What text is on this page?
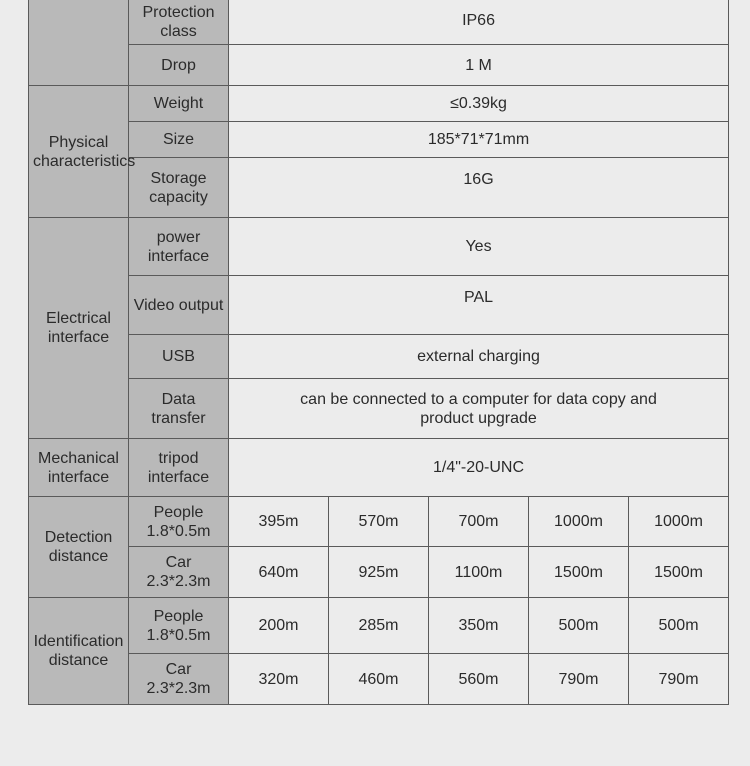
	Protection class	IP66				
	Drop	1 M				
Physical characteristics	Weight	≤0.39kg				
	Size	185*71*71mm				
	Storage capacity	16G				
Electrical interface	power interface	Yes				
	Video output	PAL				
	USB	external charging				
	Data transfer	can be connected to a computer for data copy and product upgrade				
Mechanical interface	tripod interface	1/4"-20-UNC				
Detection distance	People 1.8*0.5m	395m	570m	700m	1000m	1000m
	Car 2.3*2.3m	640m	925m	1100m	1500m	1500m
Identification distance	People 1.8*0.5m	200m	285m	350m	500m	500m
	Car 2.3*2.3m	320m	460m	560m	790m	790m
